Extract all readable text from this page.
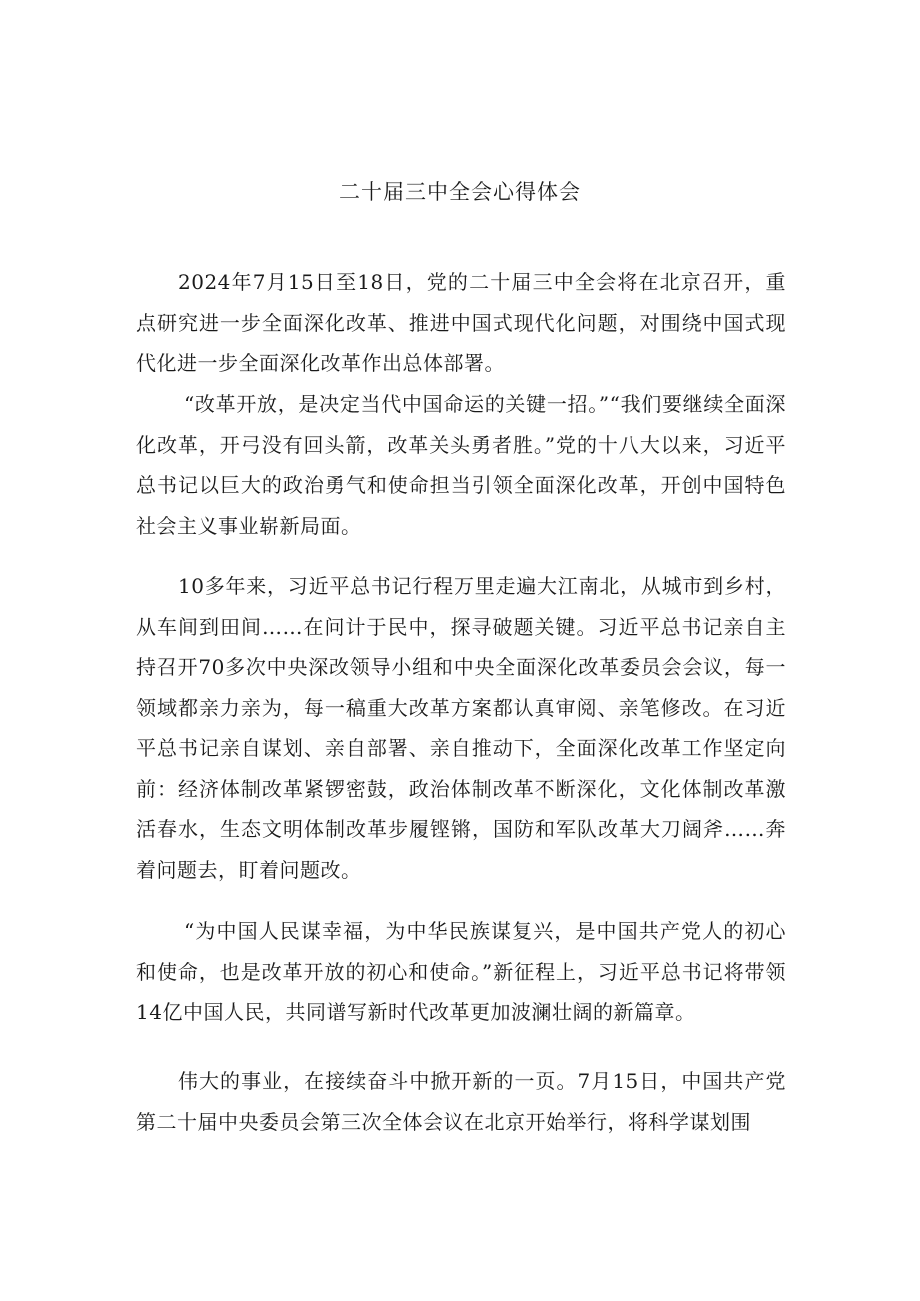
二十届三中全会心得体会

2024年7月15日至18日，党的二十届三中全会将在北京召开，重点研究进一步全面深化改革、推进中国式现代化问题，对围绕中国式现代化进一步全面深化改革作出总体部署。

“改革开放，是决定当代中国命运的关键一招。”“我们要继续全面深化改革，开弓没有回头箭，改革关头勇者胜。”党的十八大以来，习近平总书记以巨大的政治勇气和使命担当引领全面深化改革，开创中国特色社会主义事业崭新局面。

10多年来，习近平总书记行程万里走遍大江南北，从城市到乡村，从车间到田间……在问计于民中，探寻破题关键。习近平总书记亲自主持召开70多次中央深改领导小组和中央全面深化改革委员会会议，每一领域都亲力亲为，每一稿重大改革方案都认真审阅、亲笔修改。在习近平总书记亲自谋划、亲自部署、亲自推动下，全面深化改革工作坚定向前：经济体制改革紧锣密鼓，政治体制改革不断深化，文化体制改革激活春水，生态文明体制改革步履铿锵，国防和军队改革大刀阔斧……奔着问题去，盯着问题改。

“为中国人民谋幸福，为中华民族谋复兴，是中国共产党人的初心和使命，也是改革开放的初心和使命。”新征程上，习近平总书记将带领14亿中国人民，共同谱写新时代改革更加波澜壮阔的新篇章。

伟大的事业，在接续奋斗中掀开新的一页。7月15日，中国共产党第二十届中央委员会第三次全体会议在北京开始举行，将科学谋划围
